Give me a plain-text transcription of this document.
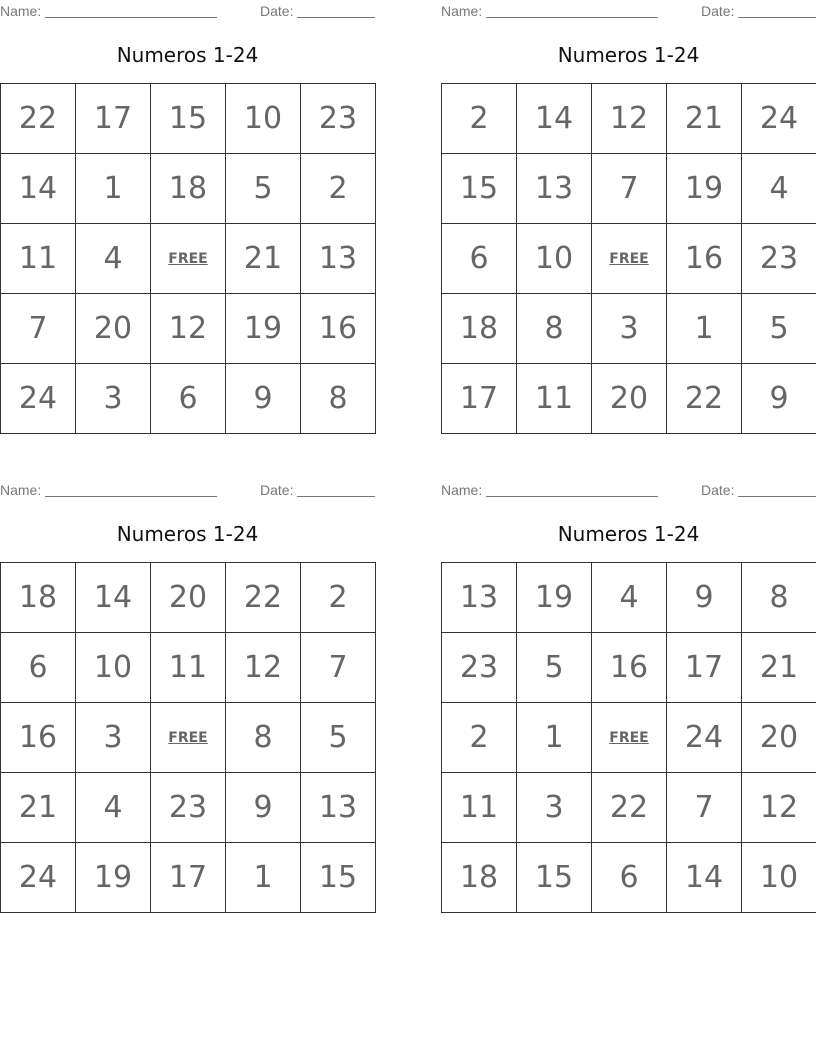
Name:	Date:
Numeros 1-24
22	17	15	10	23
14	1	18	5	2
11	4	FREE	21	13
7	20	12	19	16
24	3	6	9	8
Name:	Date:
Numeros 1-24
2	14	12	21	24
15	13	7	19	4
6	10	FREE	16	23
18	8	3	1	5
17	11	20	22	9
Name:	Date:
Numeros 1-24
18	14	20	22	2
6	10	11	12	7
16	3	FREE	8	5
21	4	23	9	13
24	19	17	1	15
Name:	Date:
Numeros 1-24
13	19	4	9	8
23	5	16	17	21
2	1	FREE	24	20
11	3	22	7	12
18	15	6	14	10
